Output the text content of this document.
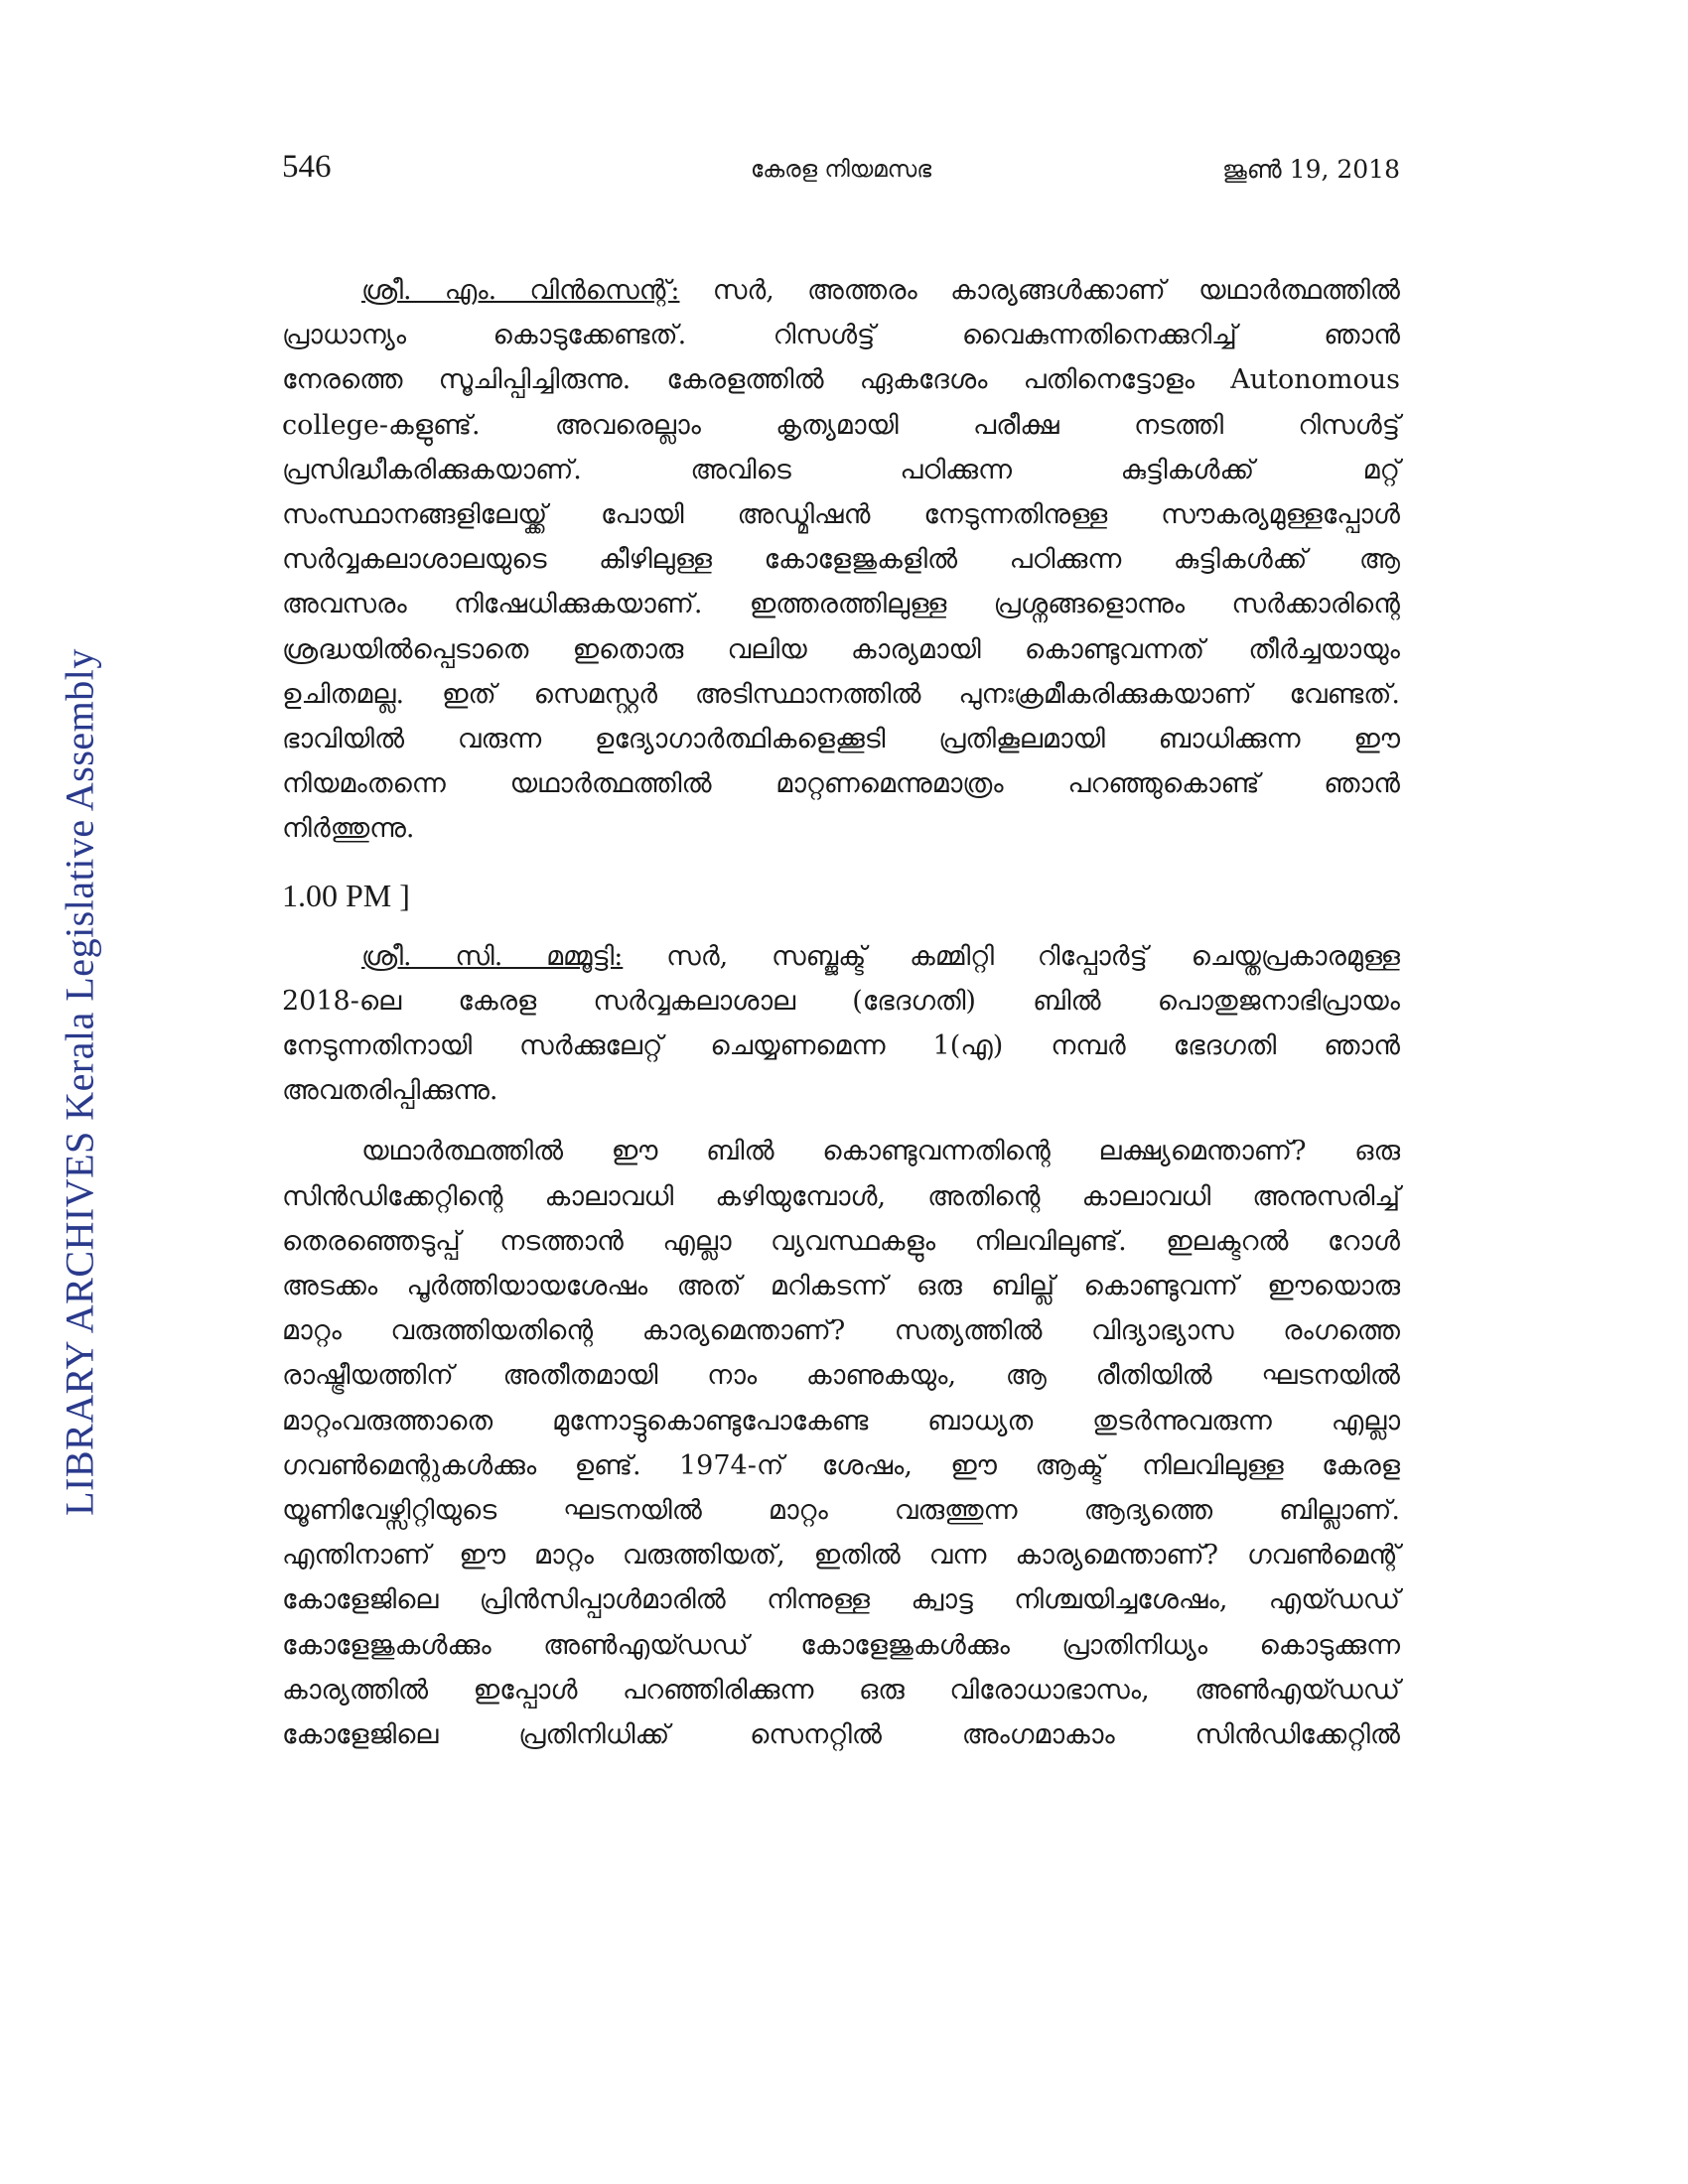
LIBRARY ARCHIVES Kerala Legislative Assembly
546	കേരള നിയമസഭ	ജൂൺ 19, 2018

ശ്രീ. എം. വിൻസെന്റ്: സർ, അത്തരം കാര്യങ്ങൾക്കാണ് യഥാർത്ഥത്തിൽ
പ്രാധാന്യം കൊടുക്കേണ്ടത്. റിസൾട്ട് വൈകുന്നതിനെക്കുറിച്ച് ഞാൻ
നേരത്തെ സൂചിപ്പിച്ചിരുന്നു. കേരളത്തിൽ ഏകദേശം പതിനെട്ടോളം Autonomous
college-കളുണ്ട്. അവരെല്ലാം കൃത്യമായി പരീക്ഷ നടത്തി റിസൾട്ട്
പ്രസിദ്ധീകരിക്കുകയാണ്. അവിടെ പഠിക്കുന്ന കുട്ടികൾക്ക് മറ്റ്
സംസ്ഥാനങ്ങളിലേയ്ക്ക് പോയി അഡ്മിഷൻ നേടുന്നതിനുള്ള സൗകര്യമുള്ളപ്പോൾ
സർവ്വകലാശാലയുടെ കീഴിലുള്ള കോളേജുകളിൽ പഠിക്കുന്ന കുട്ടികൾക്ക് ആ
അവസരം നിഷേധിക്കുകയാണ്. ഇത്തരത്തിലുള്ള പ്രശ്നങ്ങളൊന്നും സർക്കാരിന്റെ
ശ്രദ്ധയിൽപ്പെടാതെ ഇതൊരു വലിയ കാര്യമായി കൊണ്ടുവന്നത് തീർച്ചയായും
ഉചിതമല്ല. ഇത് സെമസ്റ്റർ അടിസ്ഥാനത്തിൽ പുനഃക്രമീകരിക്കുകയാണ് വേണ്ടത്.
ഭാവിയിൽ വരുന്ന ഉദ്യോഗാർത്ഥികളെക്കൂടി പ്രതികൂലമായി ബാധിക്കുന്ന ഈ
നിയമംതന്നെ യഥാർത്ഥത്തിൽ മാറ്റണമെന്നുമാത്രം പറഞ്ഞുകൊണ്ട് ഞാൻ
നിർത്തുന്നു.

1.00 PM ]

ശ്രീ. സി. മമ്മൂട്ടി: സർ, സബ്ജക്ട് കമ്മിറ്റി റിപ്പോർട്ട് ചെയ്തപ്രകാരമുള്ള
2018-ലെ കേരള സർവ്വകലാശാല (ഭേദഗതി) ബിൽ പൊതുജനാഭിപ്രായം
നേടുന്നതിനായി സർക്കുലേറ്റ് ചെയ്യണമെന്ന 1(എ) നമ്പർ ഭേദഗതി ഞാൻ
അവതരിപ്പിക്കുന്നു.

യഥാർത്ഥത്തിൽ ഈ ബിൽ കൊണ്ടുവന്നതിന്റെ ലക്ഷ്യമെന്താണ്? ഒരു
സിൻഡിക്കേറ്റിന്റെ കാലാവധി കഴിയുമ്പോൾ, അതിന്റെ കാലാവധി അനുസരിച്ച്
തെരഞ്ഞെടുപ്പ് നടത്താൻ എല്ലാ വ്യവസ്ഥകളും നിലവിലുണ്ട്. ഇലക്ടറൽ റോൾ
അടക്കം പൂർത്തിയായശേഷം അത് മറികടന്ന് ഒരു ബില്ല് കൊണ്ടുവന്ന് ഈയൊരു
മാറ്റം വരുത്തിയതിന്റെ കാര്യമെന്താണ്? സത്യത്തിൽ വിദ്യാഭ്യാസ രംഗത്തെ
രാഷ്ട്രീയത്തിന് അതീതമായി നാം കാണുകയും, ആ രീതിയിൽ ഘടനയിൽ
മാറ്റംവരുത്താതെ മുന്നോട്ടുകൊണ്ടുപോകേണ്ട ബാധ്യത തുടർന്നുവരുന്ന എല്ലാ
ഗവൺമെന്റുകൾക്കും ഉണ്ട്. 1974-ന് ശേഷം, ഈ ആക്ട് നിലവിലുള്ള കേരള
യൂണിവേഴ്സിറ്റിയുടെ ഘടനയിൽ മാറ്റം വരുത്തുന്ന ആദ്യത്തെ ബില്ലാണ്.
എന്തിനാണ് ഈ മാറ്റം വരുത്തിയത്, ഇതിൽ വന്ന കാര്യമെന്താണ്? ഗവൺമെന്റ്
കോളേജിലെ പ്രിൻസിപ്പാൾമാരിൽ നിന്നുള്ള ക്വാട്ട നിശ്ചയിച്ചശേഷം, എയ്ഡഡ്
കോളേജുകൾക്കും അൺഎയ്ഡഡ് കോളേജുകൾക്കും പ്രാതിനിധ്യം കൊടുക്കുന്ന
കാര്യത്തിൽ ഇപ്പോൾ പറഞ്ഞിരിക്കുന്ന ഒരു വിരോധാഭാസം, അൺഎയ്ഡഡ്
കോളേജിലെ പ്രതിനിധിക്ക് സെനറ്റിൽ അംഗമാകാം സിൻഡിക്കേറ്റിൽ
